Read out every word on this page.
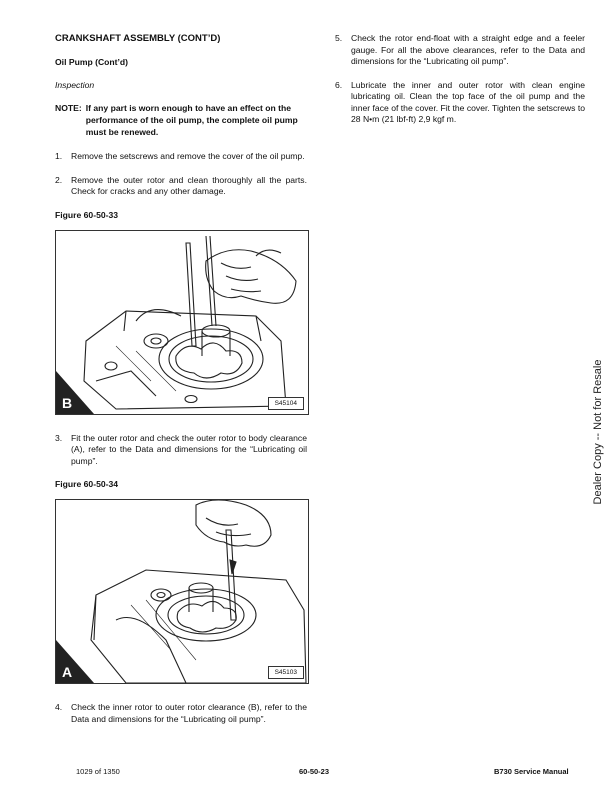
CRANKSHAFT ASSEMBLY (CONT’D)
Oil Pump (Cont’d)
Inspection
NOTE: If any part is worn enough to have an effect on the performance of the oil pump, the complete oil pump must be renewed.
1.	Remove the setscrews and remove the cover of the oil pump.
2.	Remove the outer rotor and clean thoroughly all the parts. Check for cracks and any other damage.
Figure 60-50-33
B	S45104
3.	Fit the outer rotor and check the outer rotor to body clearance (A), refer to the Data and dimensions for the “Lubricating oil pump”.
Figure 60-50-34
A	S45103
4.	Check the inner rotor to outer rotor clearance (B), refer to the Data and dimensions for the “Lubricating oil pump”.
5.	Check the rotor end-float with a straight edge and a feeler gauge. For all the above clearances, refer to the Data and dimensions for the “Lubricating oil pump”.
6.	Lubricate the inner and outer rotor with clean engine lubricating oil. Clean the top face of the oil pump and the inner face of the cover. Fit the cover. Tighten the setscrews to 28 N•m (21 lbf-ft) 2,9 kgf m.
Dealer Copy -- Not for Resale
1029 of 1350	60-50-23	B730 Service Manual
